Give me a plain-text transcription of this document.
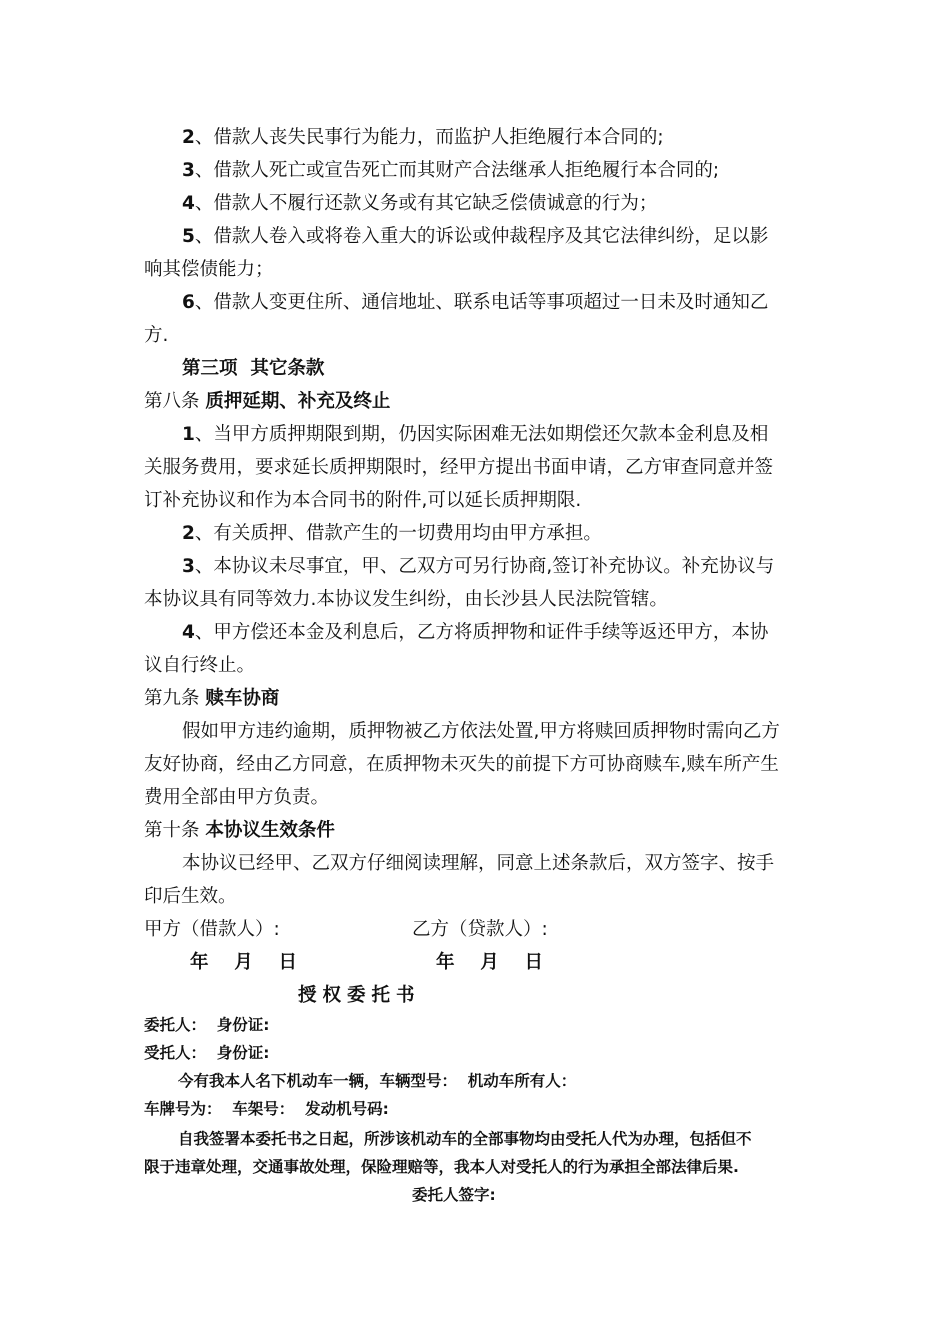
2、借款人丧失民事行为能力，而监护人拒绝履行本合同的;
3、借款人死亡或宣告死亡而其财产合法继承人拒绝履行本合同的;
4、借款人不履行还款义务或有其它缺乏偿债诚意的行为；
5、借款人卷入或将卷入重大的诉讼或仲裁程序及其它法律纠纷，足以影
响其偿债能力；
6、借款人变更住所、通信地址、联系电话等事项超过一日未及时通知乙
方.
第三项  其它条款
第八条 质押延期、补充及终止
1、当甲方质押期限到期，仍因实际困难无法如期偿还欠款本金利息及相
关服务费用，要求延长质押期限时，经甲方提出书面申请，乙方审查同意并签
订补充协议和作为本合同书的附件,可以延长质押期限.
2、有关质押、借款产生的一切费用均由甲方承担。
3、本协议未尽事宜，甲、乙双方可另行协商,签订补充协议。补充协议与
本协议具有同等效力.本协议发生纠纷，由长沙县人民法院管辖。
4、甲方偿还本金及利息后，乙方将质押物和证件手续等返还甲方，本协
议自行终止。
第九条 赎车协商
假如甲方违约逾期，质押物被乙方依法处置,甲方将赎回质押物时需向乙方
友好协商，经由乙方同意，在质押物未灭失的前提下方可协商赎车,赎车所产生
费用全部由甲方负责。
第十条 本协议生效条件
本协议已经甲、乙双方仔细阅读理解，同意上述条款后，双方签字、按手
印后生效。
甲方（借款人）:	乙方（贷款人）:
年    月    日	年    月    日
授权委托书
委托人：  身份证:
受托人：  身份证:
今有我本人名下机动车一辆，车辆型号：  机动车所有人：
车牌号为：  车架号：  发动机号码:
自我签署本委托书之日起，所涉该机动车的全部事物均由受托人代为办理，包括但不
限于违章处理，交通事故处理，保险理赔等，我本人对受托人的行为承担全部法律后果.
委托人签字:
